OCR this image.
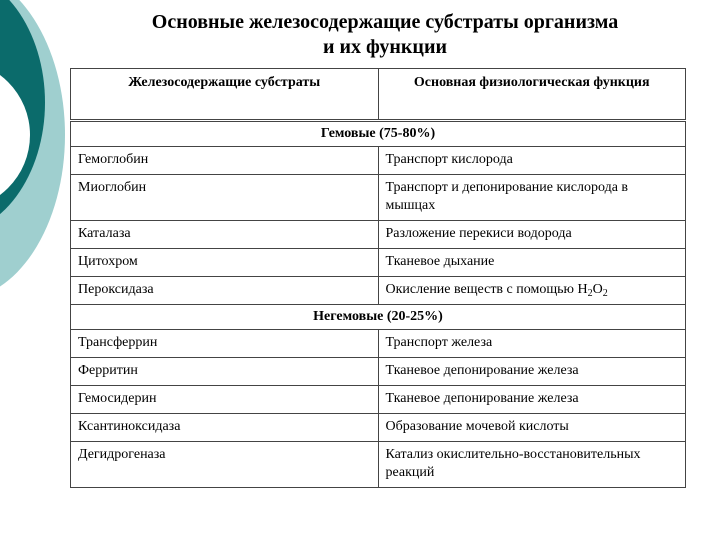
Основные железосодержащие субстраты организма
и их функции
Железосодержащие субстраты	Основная физиологическая функция
Гемовые (75-80%)	
Гемоглобин	Транспорт кислорода
Миоглобин	Транспорт и депонирование кислорода в мышцах
Каталаза	Разложение перекиси водорода
Цитохром	Тканевое дыхание
Пероксидаза	Окисление веществ с помощью $H_2O_2$
Негемовые (20-25%)	
Трансферрин	Транспорт железа
Ферритин	Тканевое депонирование железа
Гемосидерин	Тканевое депонирование железа
Ксантиноксидаза	Образование мочевой кислоты
Дегидрогеназа	Катализ окислительно-восстановительных реакций
